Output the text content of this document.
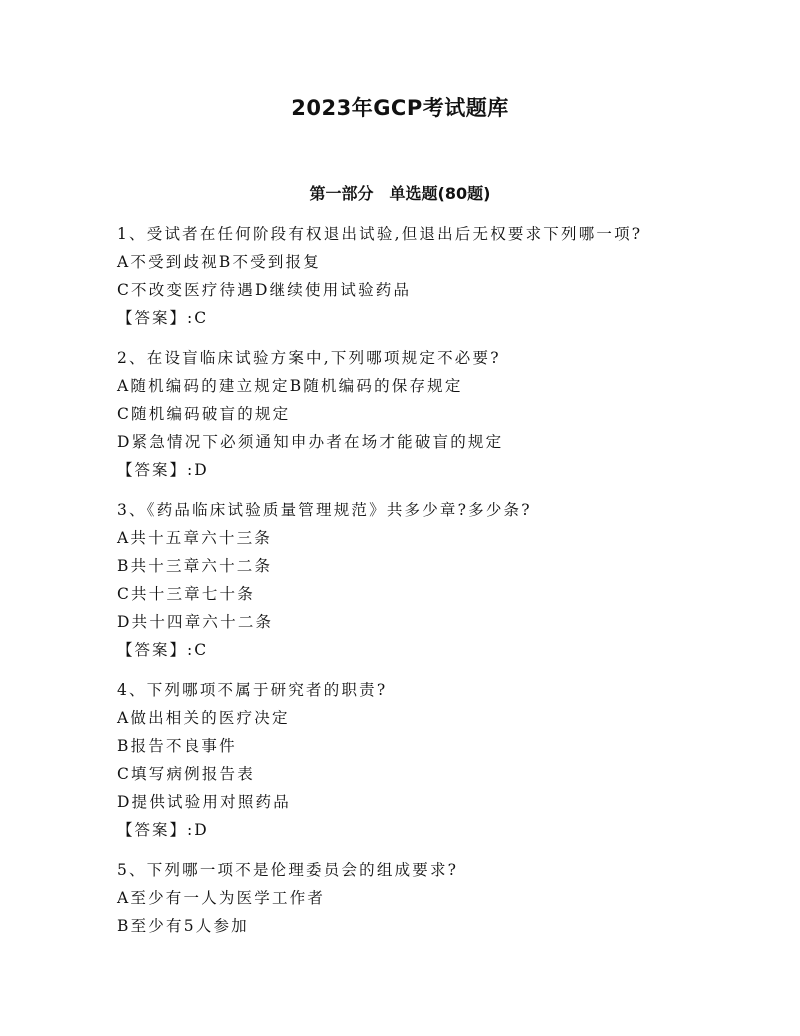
2023年GCP考试题库
第一部分　单选题(80题)
1、受试者在任何阶段有权退出试验,但退出后无权要求下列哪一项?
A不受到歧视B不受到报复
C不改变医疗待遇D继续使用试验药品
【答案】:C
2、在设盲临床试验方案中,下列哪项规定不必要?
A随机编码的建立规定B随机编码的保存规定
C随机编码破盲的规定
D紧急情况下必须通知申办者在场才能破盲的规定
【答案】:D
3、《药品临床试验质量管理规范》共多少章?多少条?
A共十五章六十三条
B共十三章六十二条
C共十三章七十条
D共十四章六十二条
【答案】:C
4、下列哪项不属于研究者的职责?
A做出相关的医疗决定
B报告不良事件
C填写病例报告表
D提供试验用对照药品
【答案】:D
5、下列哪一项不是伦理委员会的组成要求?
A至少有一人为医学工作者
B至少有5人参加
